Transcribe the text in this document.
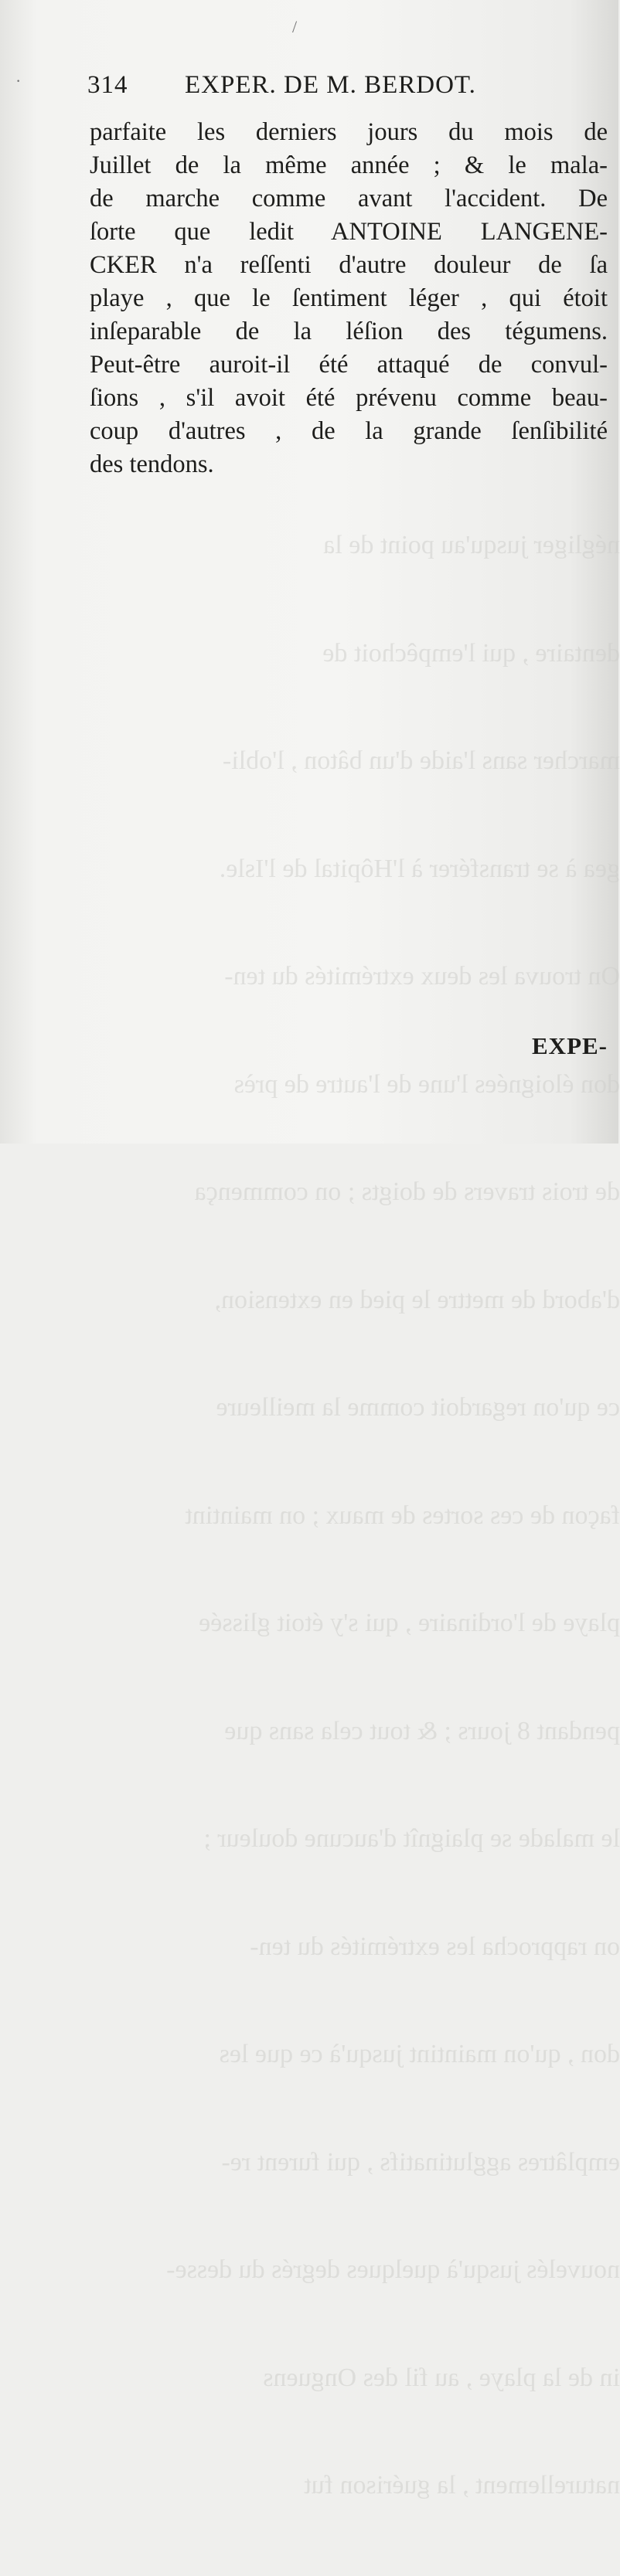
négliger jusqu'au point de la

dentaire , qui l'empêchoit de

marcher sans l'aide d'un bâton , l'obli-

gea à se transférer à l'Hôpital de l'Isle.

On trouva les deux extrémités du ten-

don éloignées l'une de l'autre de près

de trois travers de doigts ; on commença

d'abord de mettre le pied en extension,

ce qu'on regardoit comme la meilleure

façon de ces sortes de maux ; on maintint

playe de l'ordinaire , qui s'y étoit glissée

pendant 8 jours ; & tout cela sans que

le malade se plaignît d'aucune douleur ;

on rapprocha les extrémités du ten-

don , qu'on maintint jusqu'à ce que les

emplâtres agglutinatifs , qui furent re-

nouvelés jusqu'à quelques degrés du desse-

in de la playe , au fil des Onguens

naturellement , la guérison fut

314 EXPER. DE M. BERDOT.
parfaite les derniers jours du mois de
Juillet de la même année ; & le mala-
de marche comme avant l'accident. De
ſorte que ledit ANTOINE LANGENE-
CKER n'a reſſenti d'autre douleur de ſa
playe , que le ſentiment léger , qui étoit
inſeparable de la léſion des tégumens.
Peut-être auroit-il été attaqué de convul-
ſions , s'il avoit été prévenu comme beau-
coup d'autres , de la grande ſenſibilité
des tendons.
EXPE-
/
·
